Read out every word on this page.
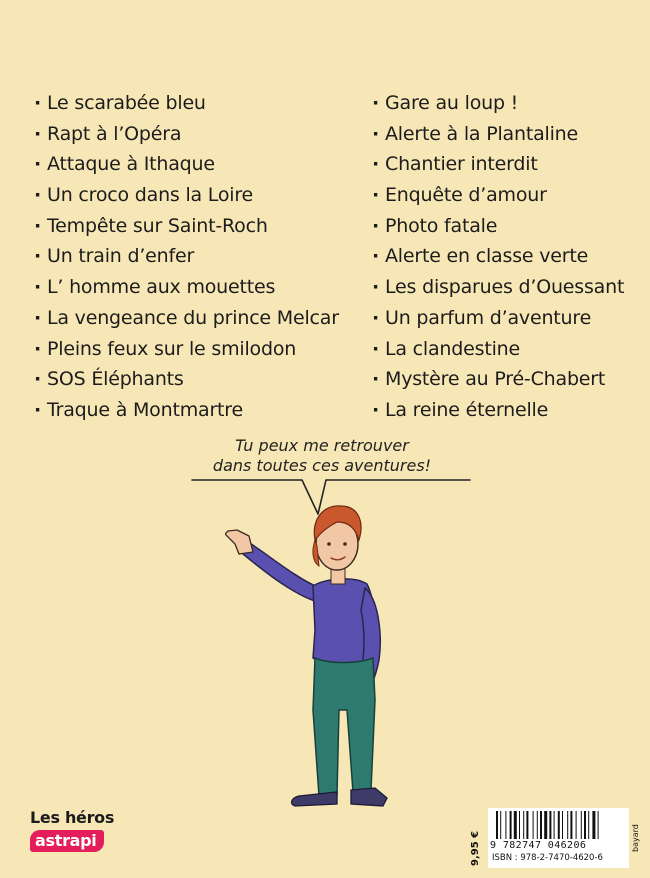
· Le scarabée bleu
· Rapt à l’Opéra
· Attaque à Ithaque
· Un croco dans la Loire
· Tempête sur Saint-Roch
· Un train d’enfer
· L’ homme aux mouettes
· La vengeance du prince Melcar
· Pleins feux sur le smilodon
· SOS Éléphants
· Traque à Montmartre
· Gare au loup !
· Alerte à la Plantaline
· Chantier interdit
· Enquête d’amour
· Photo fatale
· Alerte en classe verte
· Les disparues d’Ouessant
· Un parfum d’aventure
· La clandestine
· Mystère au Pré-Chabert
· La reine éternelle
Tu peux me retrouver
dans toutes ces aventures!
Les héros
astrapi	9,95 € 9 782747 046206
ISBN : 978-2-7470-4620-6
bayard
